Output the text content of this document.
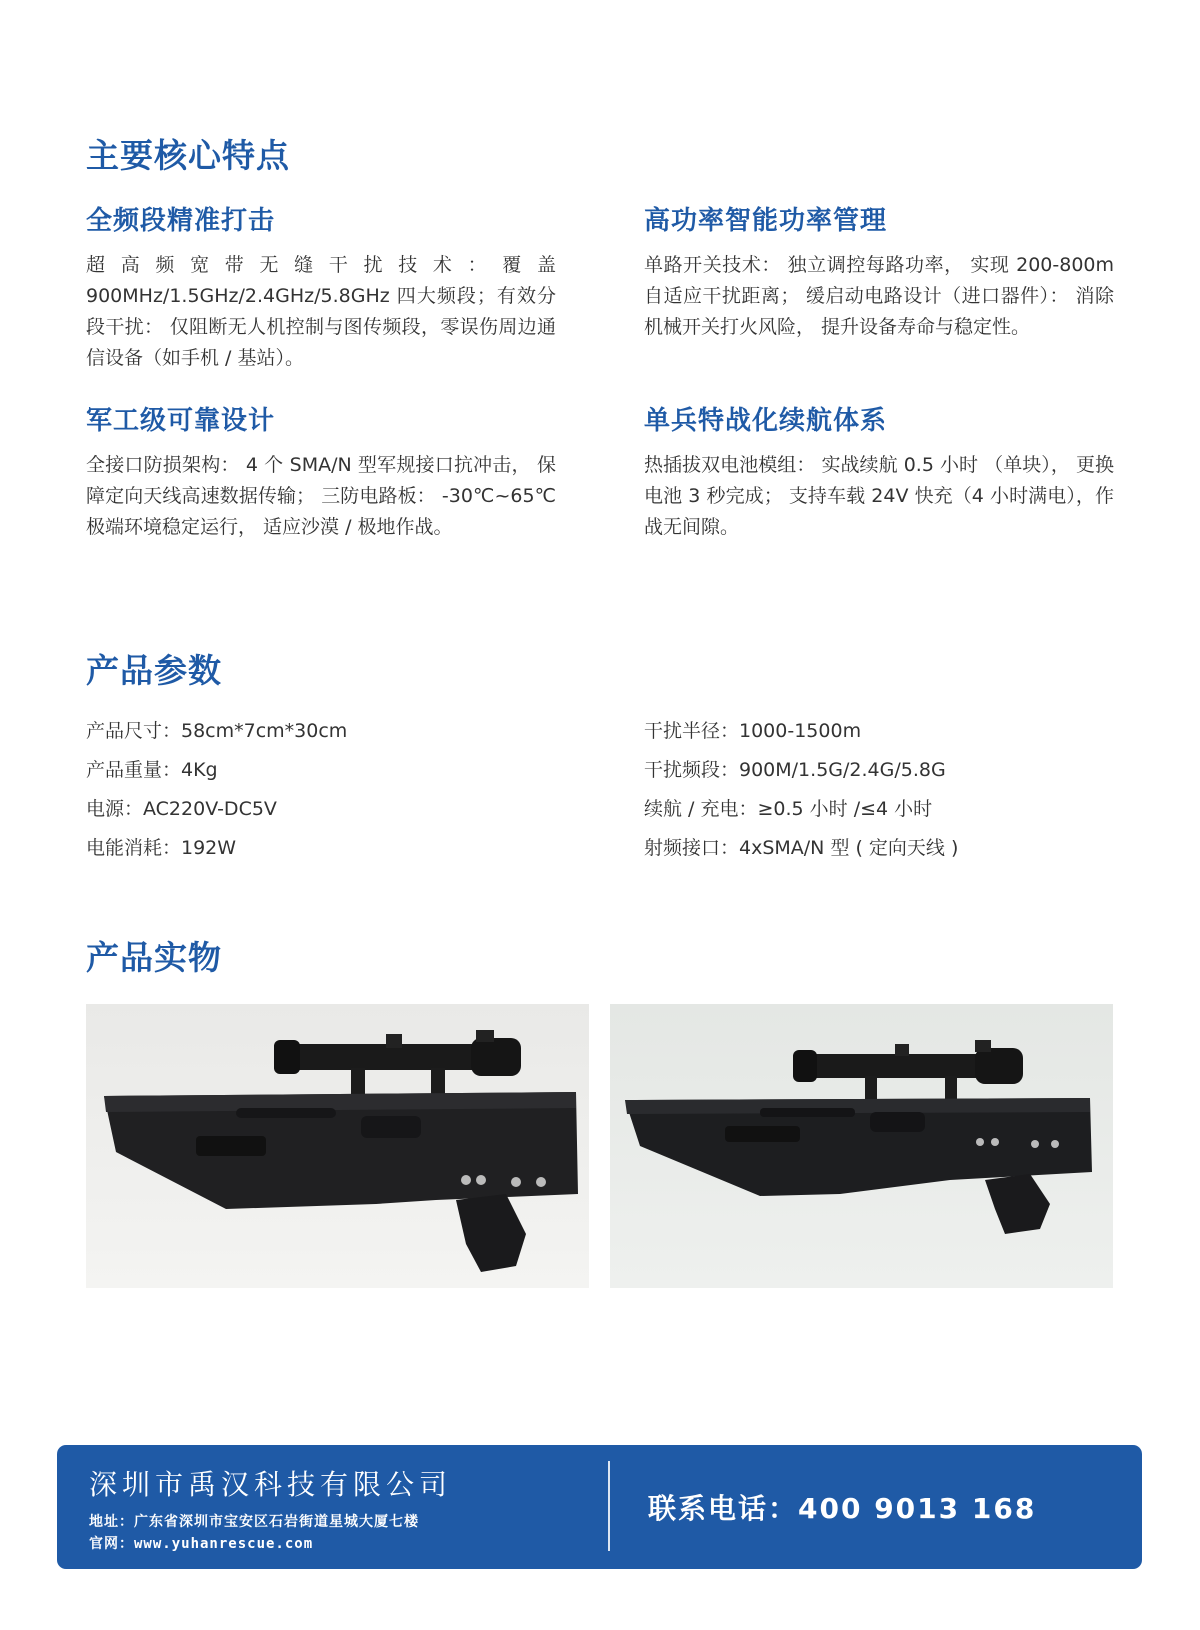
主要核心特点
全频段精准打击
超高频宽带无缝干扰技术：覆盖 900MHz/1.5GHz/2.4GHz/5.8GHz 四大频段；有效分段干扰： 仅阻断无人机控制与图传频段，零误伤周边通信设备（如手机 / 基站）。
高功率智能功率管理
单路开关技术： 独立调控每路功率， 实现 200-800m 自适应干扰距离； 缓启动电路设计（进口器件）： 消除机械开关打火风险， 提升设备寿命与稳定性。
军工级可靠设计
全接口防损架构： 4 个 SMA/N 型军规接口抗冲击， 保障定向天线高速数据传输； 三防电路板： -30℃~65℃极端环境稳定运行， 适应沙漠 / 极地作战。
单兵特战化续航体系
热插拔双电池模组： 实战续航 0.5 小时 （单块）， 更换电池 3 秒完成； 支持车载 24V 快充（4 小时满电），作战无间隙。
产品参数
产品尺寸：58cm*7cm*30cm
产品重量：4Kg
电源：AC220V-DC5V
电能消耗：192W
干扰半径：1000-1500m
干扰频段：900M/1.5G/2.4G/5.8G
续航 / 充电：≥0.5 小时 /≤4 小时
射频接口：4xSMA/N 型 ( 定向天线 )
产品实物
深圳市禹汉科技有限公司
地址：广东省深圳市宝安区石岩街道星城大厦七楼
官网：www.yuhanrescue.com
联系电话：400 9013 168
